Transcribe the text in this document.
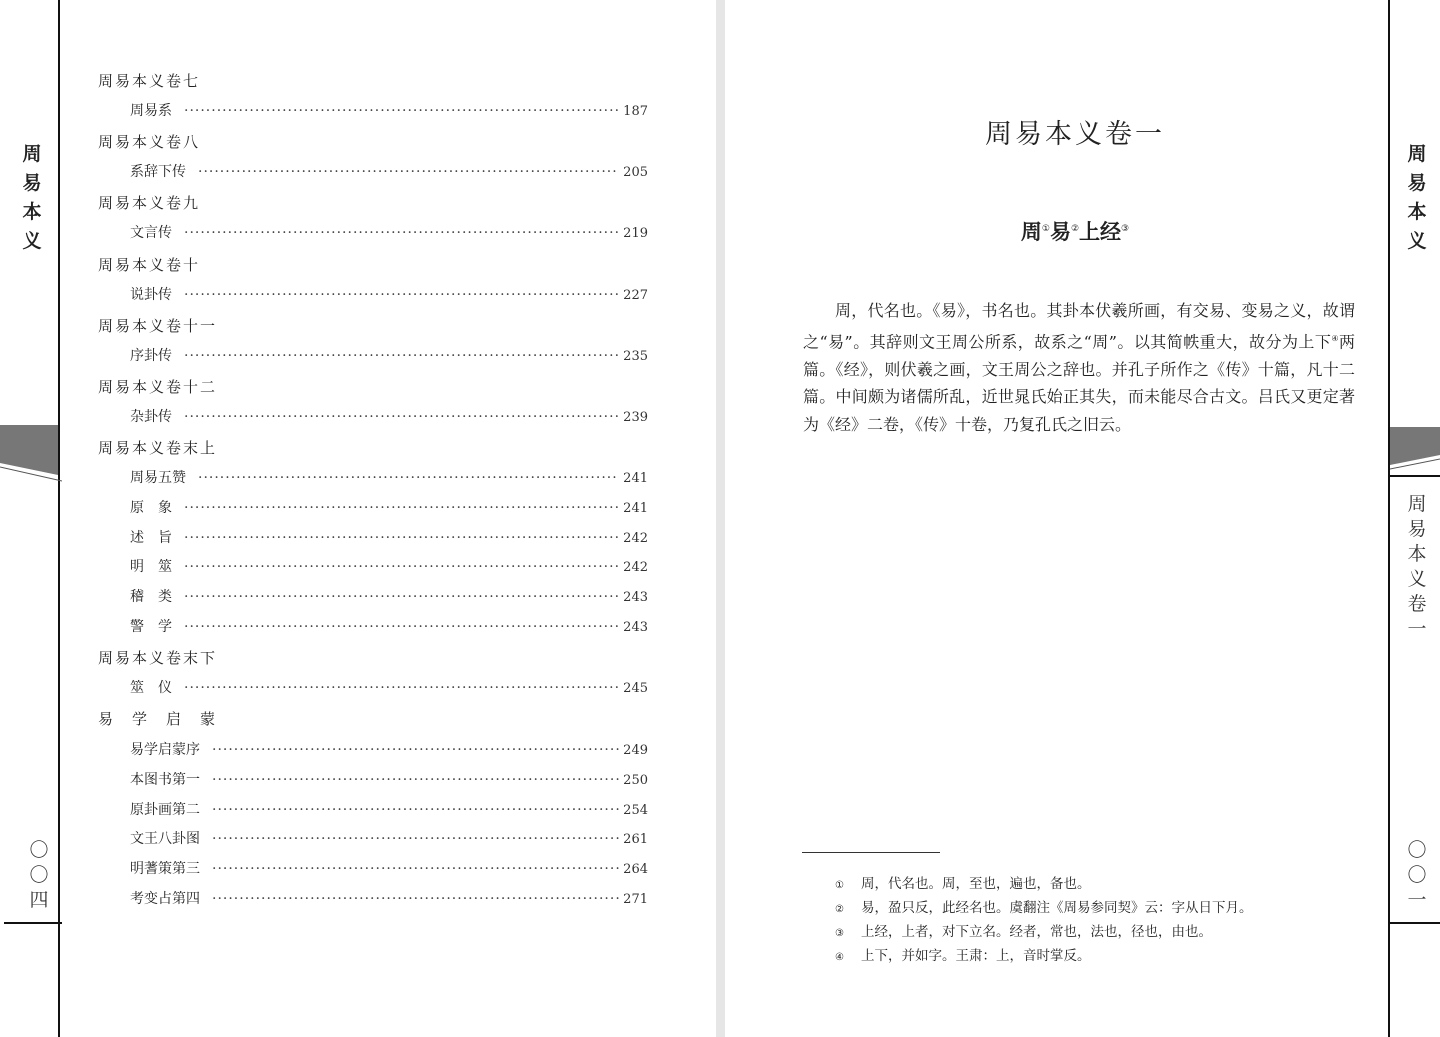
周
易
本
义
〇
〇
四
周易本义卷七
周易系 ·····	187
周易本义卷八
系辞下传 ·····	205
周易本义卷九
文言传 ·····	219
周易本义卷十
说卦传 ·····	227
周易本义卷十一
序卦传 ·····	235
周易本义卷十二
杂卦传 ·····	239
周易本义卷末上
周易五赞 ·····	241
原　象 ·····	241
述　旨 ·····	242
明　筮 ·····	242
稽　类 ·····	243
警　学 ·····	243
周易本义卷末下
筮　仪 ·····	245
易　学　启　蒙
易学启蒙序 ·····	249
本图书第一 ·····	250
原卦画第二 ·····	254
文王八卦图 ·····	261
明蓍策第三 ·····	264
考变占第四 ·····	271
周
易
本
义
周
易
本
义
卷
一
〇
〇
一
周易本义卷一
周①易②上经③

周，代名也。《易》，书名也。其卦本伏羲所画，有交易、变易之义，故谓之“易”。其辞则文王周公所系，故系之“周”。以其简帙重大，故分为上下④两篇。《经》，则伏羲之画，文王周公之辞也。并孔子所作之《传》十篇，凡十二篇。中间颇为诸儒所乱，近世晁氏始正其失，而未能尽合古文。吕氏又更定著为《经》二卷，《传》十卷，乃复孔氏之旧云。

① 周，代名也。周，至也，遍也，备也。
② 易，盈只反，此经名也。虞翻注《周易参同契》云：字从日下月。
③ 上经，上者，对下立名。经者，常也，法也，径也，由也。
④ 上下，并如字。王肃：上，音时掌反。
